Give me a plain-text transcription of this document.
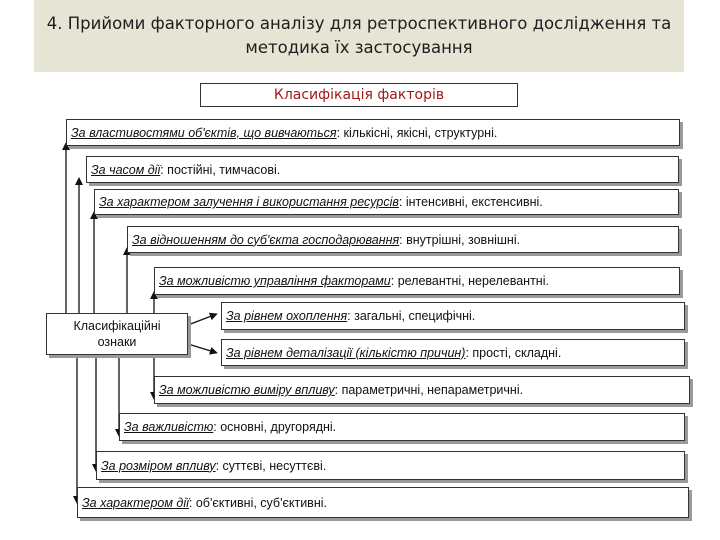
4. Прийоми факторного аналізу для ретроспективного дослідження та
методика їх застосування
Класифікація факторів
Класифікаційні
ознаки
За властивостями об'єктів, що вивчаються : кількісні, якісні, структурні.
За часом дії : постійні, тимчасові.
За характером залучення і використання ресурсів : інтенсивні, екстенсивні.
За відношенням до суб'єкта господарювання : внутрішні, зовнішні.
За можливістю управління факторами : релевантні, нерелевантні.
За рівнем охоплення : загальні, специфічні.
За рівнем деталізації (кількістю причин) : прості, складні.
За можливістю виміру впливу : параметричні, непараметричні.
За важливістю : основні, другорядні.
За розміром впливу : суттєві, несуттєві.
За характером дії : об'єктивні, суб'єктивні.
